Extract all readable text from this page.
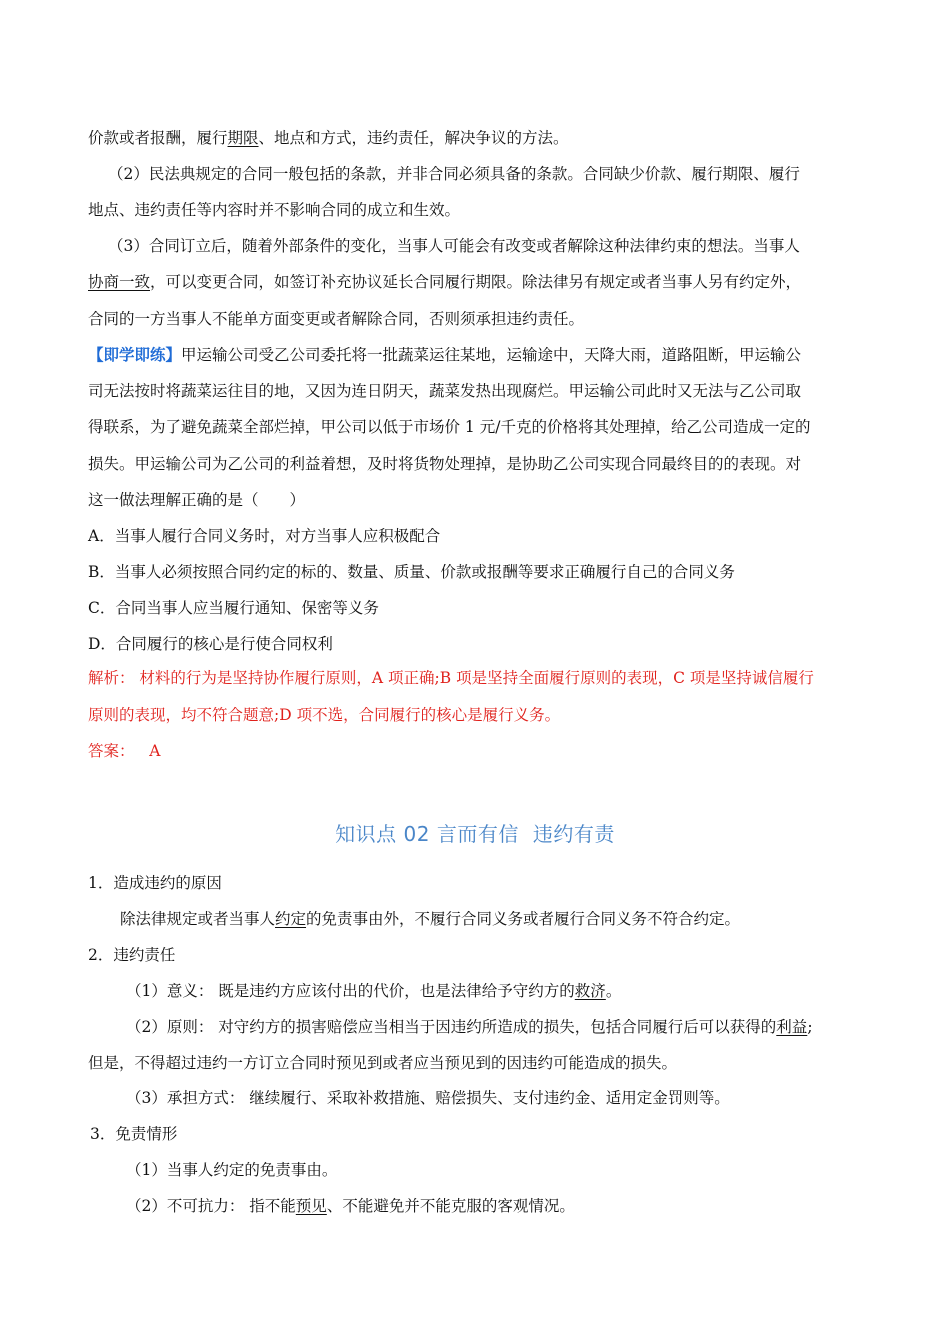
价款或者报酬，履行期限、地点和方式，违约责任，解决争议的方法。
（2）民法典规定的合同一般包括的条款，并非合同必须具备的条款。合同缺少价款、履行期限、履行
地点、违约责任等内容时并不影响合同的成立和生效。
（3）合同订立后，随着外部条件的变化，当事人可能会有改变或者解除这种法律约束的想法。当事人
协商一致，可以变更合同，如签订补充协议延长合同履行期限。除法律另有规定或者当事人另有约定外，
合同的一方当事人不能单方面变更或者解除合同，否则须承担违约责任。
【即学即练】甲运输公司受乙公司委托将一批蔬菜运往某地，运输途中，天降大雨，道路阻断，甲运输公
司无法按时将蔬菜运往目的地，又因为连日阴天，蔬菜发热出现腐烂。甲运输公司此时又无法与乙公司取
得联系，为了避免蔬菜全部烂掉，甲公司以低于市场价 1 元/千克的价格将其处理掉，给乙公司造成一定的
损失。甲运输公司为乙公司的利益着想，及时将货物处理掉，是协助乙公司实现合同最终目的的表现。对
这一做法理解正确的是（　　）
A．当事人履行合同义务时，对方当事人应积极配合
B．当事人必须按照合同约定的标的、数量、质量、价款或报酬等要求正确履行自己的合同义务
C．合同当事人应当履行通知、保密等义务
D．合同履行的核心是行使合同权利
解析： 材料的行为是坚持协作履行原则，A 项正确;B 项是坚持全面履行原则的表现，C 项是坚持诚信履行
原则的表现，均不符合题意;D 项不选，合同履行的核心是履行义务。
答案： A
知识点 02 言而有信 违约有责
1．造成违约的原因
除法律规定或者当事人约定的免责事由外，不履行合同义务或者履行合同义务不符合约定。
2．违约责任
（1）意义： 既是违约方应该付出的代价，也是法律给予守约方的救济。
（2）原则： 对守约方的损害赔偿应当相当于因违约所造成的损失，包括合同履行后可以获得的利益;
但是，不得超过违约一方订立合同时预见到或者应当预见到的因违约可能造成的损失。
（3）承担方式： 继续履行、采取补救措施、赔偿损失、支付违约金、适用定金罚则等。
3．免责情形
（1）当事人约定的免责事由。
（2）不可抗力： 指不能预见、不能避免并不能克服的客观情况。
